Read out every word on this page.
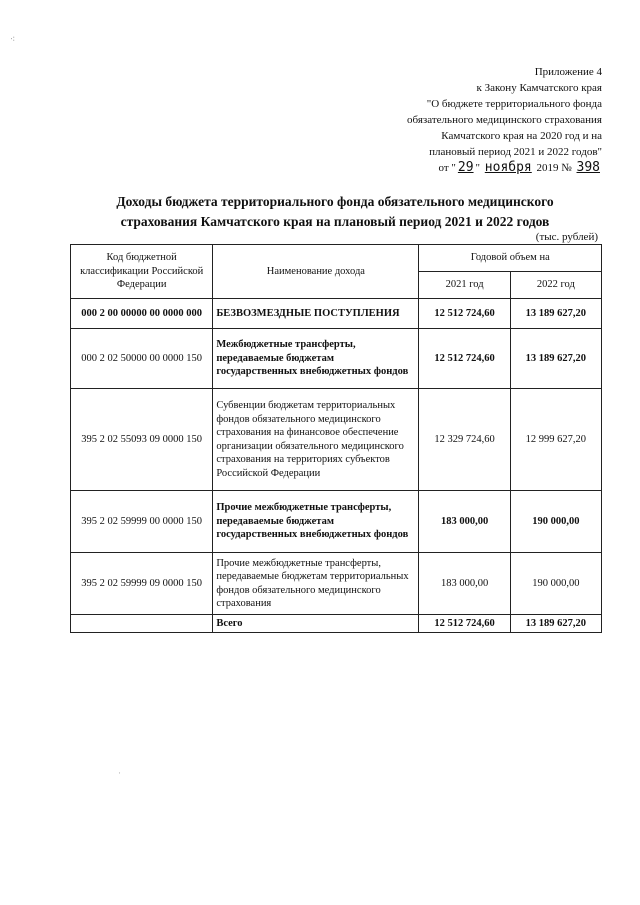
⁖
·
Приложение 4
к Закону Камчатского края
"О бюджете территориального фонда
обязательного медицинского страхования
Камчатского края на 2020 год и на
плановый период 2021 и 2022 годов"
от " 29 " ноября 2019 № 398
Доходы бюджета территориального фонда обязательного медицинского
страхования Камчатского края на плановый период 2021 и 2022 годов
(тыс. рублей)
Код бюджетной классификации Российской Федерации	Наименование дохода	Годовой объем на	
		2021 год	2022 год
000 2 00 00000 00 0000 000	БЕЗВОЗМЕЗДНЫЕ ПОСТУПЛЕНИЯ	12 512 724,60	13 189 627,20
000 2 02 50000 00 0000 150	Межбюджетные трансферты, передаваемые бюджетам государственных внебюджетных фондов	12 512 724,60	13 189 627,20
395 2 02 55093 09 0000 150	Субвенции бюджетам территориальных фондов обязательного медицинского страхования на финансовое обеспечение организации обязательного медицинского страхования на территориях субъектов Российской Федерации	12 329 724,60	12 999 627,20
395 2 02 59999 00 0000 150	Прочие межбюджетные трансферты, передаваемые бюджетам государственных внебюджетных фондов	183 000,00	190 000,00
395 2 02 59999 09 0000 150	Прочие межбюджетные трансферты, передаваемые бюджетам территориальных фондов обязательного медицинского страхования	183 000,00	190 000,00
	Всего	12 512 724,60	13 189 627,20
